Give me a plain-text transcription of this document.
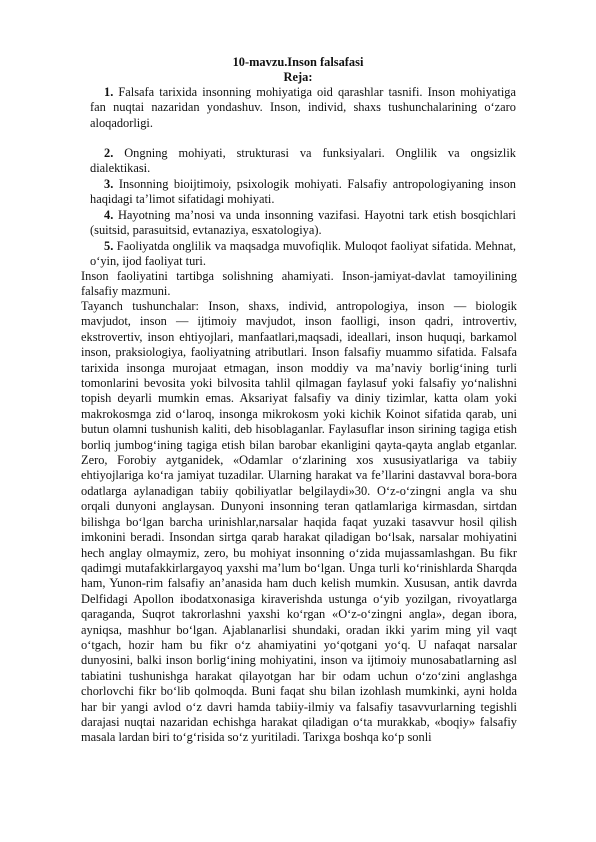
10-mavzu.Inson falsafasi
Reja:
1. Falsafa tarixida insonning mohiyatiga oid qarashlar tasnifi. Inson mohiyatiga fan nuqtai nazaridan yondashuv. Inson, individ, shaxs tushunchalarining o‘zaro aloqadorligi.
2. Ongning mohiyati, strukturasi va funksiyalari. Onglilik va ongsizlik dialektikasi.
3. Insonning bioijtimoiy, psixologik mohiyati. Falsafiy antropologiyaning inson haqidagi ta’limot sifatidagi mohiyati.
4. Hayotning ma’nosi va unda insonning vazifasi. Hayotni tark etish bosqichlari (suitsid, parasuitsid, evtanaziya, esxatologiya).
5. Faoliyatda onglilik va maqsadga muvofiqlik. Muloqot faoliyat sifatida. Mehnat, o‘yin, ijod faoliyat turi.
Inson faoliyatini tartibga solishning ahamiyati. Inson-jamiyat-davlat tamoyilining falsafiy mazmuni.
Tayanch tushunchalar: Inson, shaxs, individ, antropologiya, inson — biologik mavjudot, inson — ijtimoiy mavjudot, inson faolligi, inson qadri, introvertiv, ekstrovertiv, inson ehtiyojlari, manfaatlari,maqsadi, ideallari, inson huquqi, barkamol inson, praksiologiya, faoliyatning atributlari. Inson falsafiy muammo sifatida. Falsafa tarixida insonga murojaat etmagan, inson moddiy va ma’naviy borlig‘ining turli tomonlarini bevosita yoki bilvosita tahlil qilmagan faylasuf yoki falsafiy yo‘nalishni topish deyarli mumkin emas. Aksariyat falsafiy va diniy tizimlar, katta olam yoki makrokosmga zid o‘laroq, insonga mikrokosm yoki kichik Koinot sifatida qarab, uni butun olamni tushunish kaliti, deb hisoblaganlar. Faylasuflar inson sirining tagiga etish borliq jumbog‘ining tagiga etish bilan barobar ekanligini qayta-qayta anglab etganlar. Zero, Forobiy aytganidek, «Odamlar o‘zlarining xos xususiyatlariga va tabiiy ehtiyojlariga ko‘ra jamiyat tuzadilar. Ularning harakat va fe’llarini dastavval bora-bora odatlarga aylanadigan tabiiy qobiliyatlar belgilaydi»30. O‘z-o‘zingni angla va shu orqali dunyoni anglaysan. Dunyoni insonning teran qatlamlariga kirmasdan, sirtdan bilishga bo‘lgan barcha urinishlar,narsalar haqida faqat yuzaki tasavvur hosil qilish imkonini beradi. Insondan sirtga qarab harakat qiladigan bo‘lsak, narsalar mohiyatini hech anglay olmaymiz, zero, bu mohiyat insonning o‘zida mujassamlashgan. Bu fikr qadimgi mutafakkirlargayoq yaxshi ma’lum bo‘lgan. Unga turli ko‘rinishlarda Sharqda ham, Yunon-rim falsafiy an’anasida ham duch kelish mumkin. Xususan, antik davrda Delfidagi Apollon ibodatxonasiga kiraverishda ustunga o‘yib yozilgan, rivoyatlarga qaraganda, Suqrot takrorlashni yaxshi ko‘rgan «O‘z-o‘zingni angla», degan ibora, ayniqsa, mashhur bo‘lgan. Ajablanarlisi shundaki, oradan ikki yarim ming yil vaqt o‘tgach, hozir ham bu fikr o‘z ahamiyatini yo‘qotgani yo‘q. U nafaqat narsalar dunyosini, balki inson borlig‘ining mohiyatini, inson va ijtimoiy munosabatlarning asl tabiatini tushunishga harakat qilayotgan har bir odam uchun o‘zo‘zini anglashga chorlovchi fikr bo‘lib qolmoqda. Buni faqat shu bilan izohlash mumkinki, ayni holda har bir yangi avlod o‘z davri hamda tabiiy-ilmiy va falsafiy tasavvurlarning tegishli darajasi nuqtai nazaridan echishga harakat qiladigan o‘ta murakkab, «boqiy» falsafiy masala lardan biri to‘g‘risida so‘z yuritiladi. Tarixga boshqa ko‘p sonli
